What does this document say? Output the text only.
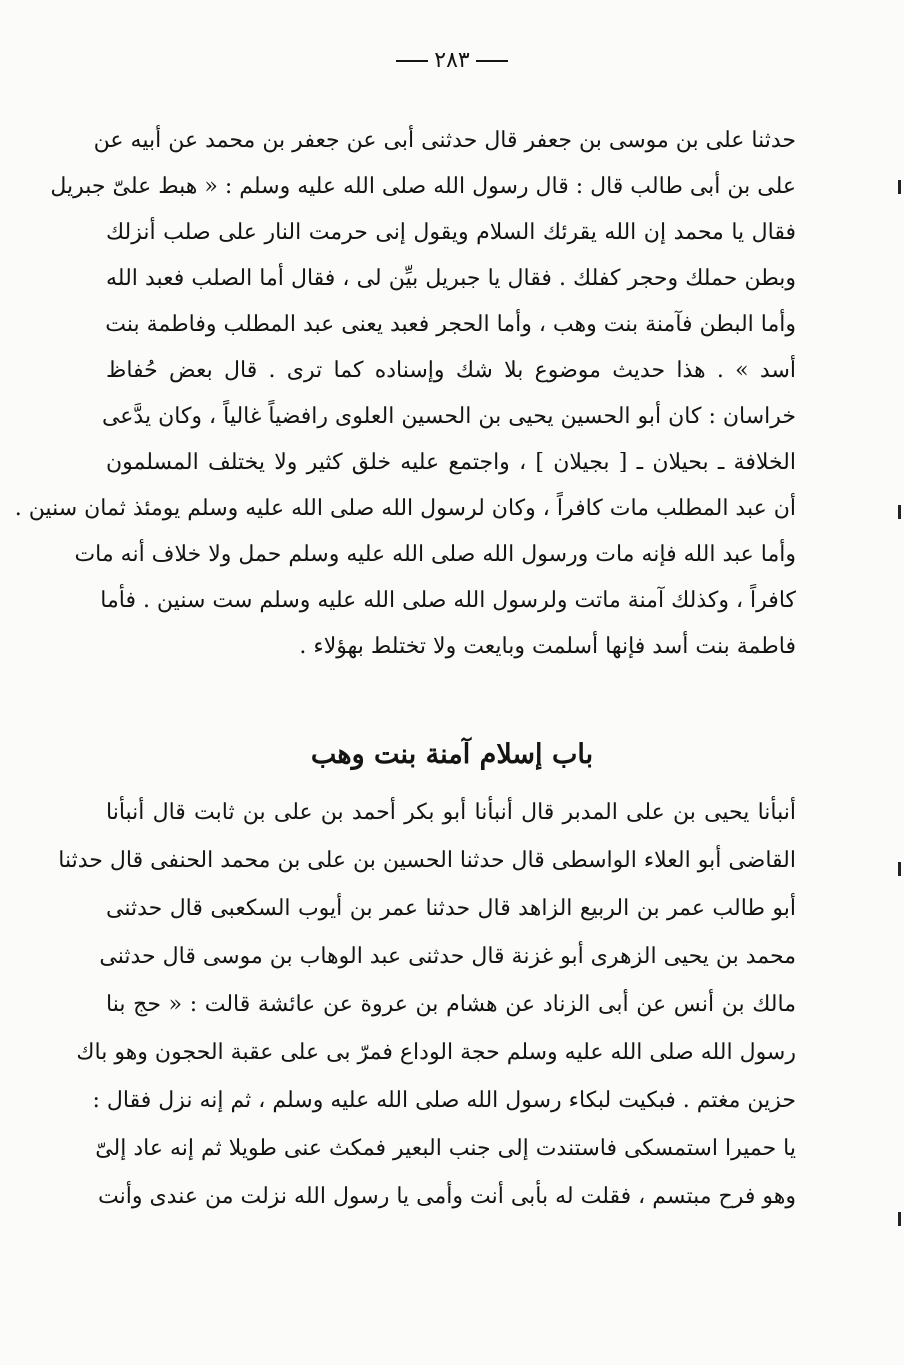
٢٨٣
حدثنا على بن موسى بن جعفر قال حدثنى أبى عن جعفر بن محمد عن أبيه عن
على بن أبى طالب قال : قال رسول الله صلى الله عليه وسلم : « هبط علىّ جبريل
فقال يا محمد إن الله يقرئك السلام ويقول إنى حرمت النار على صلب أنزلك
وبطن حملك وحجر كفلك . فقال يا جبريل بيِّن لى ، فقال أما الصلب فعبد الله
وأما البطن فآمنة بنت وهب ، وأما الحجر فعبد يعنى عبد المطلب وفاطمة بنت
أسد » . هذا حديث موضوع بلا شك وإسناده كما ترى . قال بعض حُفاظ
خراسان : كان أبو الحسين يحيى بن الحسين العلوى رافضياً غالياً ، وكان يدَّعى
الخلافة ـ بحيلان ـ [ بجيلان ] ، واجتمع عليه خلق كثير ولا يختلف المسلمون
أن عبد المطلب مات كافراً ، وكان لرسول الله صلى الله عليه وسلم يومئذ ثمان سنين .
وأما عبد الله فإنه مات ورسول الله صلى الله عليه وسلم حمل ولا خلاف أنه مات
كافراً ، وكذلك آمنة ماتت ولرسول الله صلى الله عليه وسلم ست سنين . فأما
فاطمة بنت أسد فإنها أسلمت وبايعت ولا تختلط بهؤلاء .
باب إسلام آمنة بنت وهب
أنبأنا يحيى بن على المدبر قال أنبأنا أبو بكر أحمد بن على بن ثابت قال أنبأنا
القاضى أبو العلاء الواسطى قال حدثنا الحسين بن على بن محمد الحنفى قال حدثنا
أبو طالب عمر بن الربيع الزاهد قال حدثنا عمر بن أيوب السكعبى قال حدثنى
محمد بن يحيى الزهرى أبو غزنة قال حدثنى عبد الوهاب بن موسى قال حدثنى
مالك بن أنس عن أبى الزناد عن هشام بن عروة عن عائشة قالت : « حج بنا
رسول الله صلى الله عليه وسلم حجة الوداع فمرّ بى على عقبة الحجون وهو باك
حزين مغتم . فبكيت لبكاء رسول الله صلى الله عليه وسلم ، ثم إنه نزل فقال :
يا حميرا استمسكى فاستندت إلى جنب البعير فمكث عنى طويلا ثم إنه عاد إلىّ
وهو فرح مبتسم ، فقلت له بأبى أنت وأمى يا رسول الله نزلت من عندى وأنت
